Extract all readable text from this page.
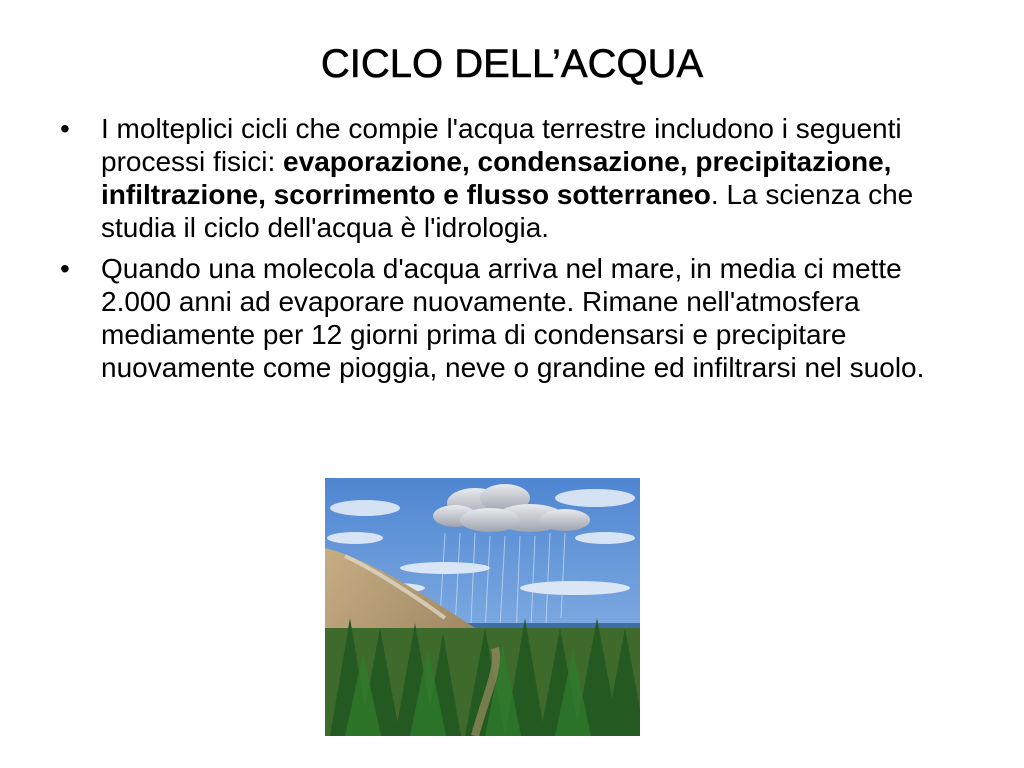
CICLO DELL’ACQUA
•	I molteplici cicli che compie l'acqua terrestre includono i seguenti processi fisici: evaporazione, condensazione, precipitazione, infiltrazione, scorrimento e flusso sotterraneo. La scienza che studia il ciclo dell'acqua è l'idrologia.
•	Quando una molecola d'acqua arriva nel mare, in media ci mette 2.000 anni ad evaporare nuovamente. Rimane nell'atmosfera mediamente per 12 giorni prima di condensarsi e precipitare nuovamente come pioggia, neve o grandine ed infiltrarsi nel suolo.
